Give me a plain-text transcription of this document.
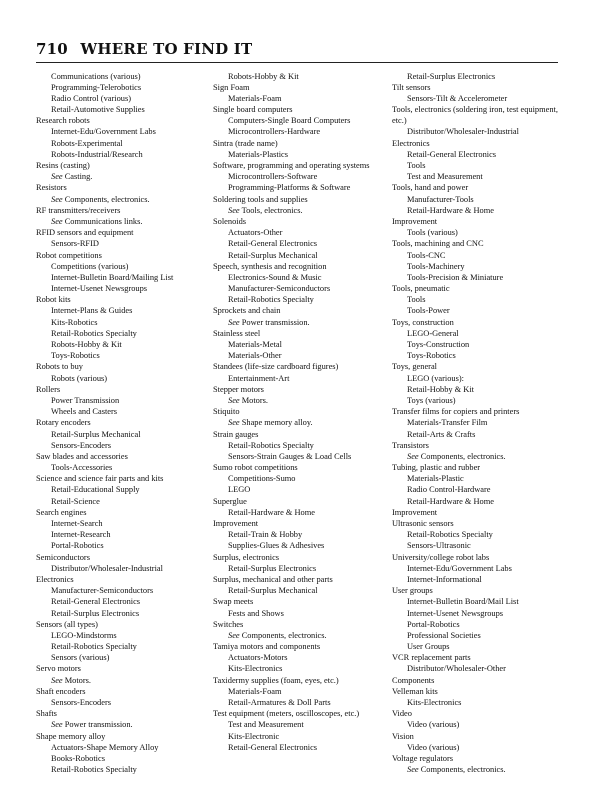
710 WHERE TO FIND IT
Communications (various)
Programming-Telerobotics
Radio Control (various)
Retail-Automotive Supplies
Research robots
Internet-Edu/Government Labs
Robots-Experimental
Robots-Industrial/Research
Resins (casting)
See Casting.
Resistors
See Components, electronics.
RF transmitters/receivers
See Communications links.
RFID sensors and equipment
Sensors-RFID
Robot competitions
Competitions (various)
Internet-Bulletin Board/Mailing List
Internet-Usenet Newsgroups
Robot kits
Internet-Plans & Guides
Kits-Robotics
Retail-Robotics Specialty
Robots-Hobby & Kit
Toys-Robotics
Robots to buy
Robots (various)
Rollers
Power Transmission
Wheels and Casters
Rotary encoders
Retail-Surplus Mechanical
Sensors-Encoders
Saw blades and accessories
Tools-Accessories
Science and science fair parts and kits
Retail-Educational Supply
Retail-Science
Search engines
Internet-Search
Internet-Research
Portal-Robotics
Semiconductors
Distributor/Wholesaler-Industrial
Electronics
Manufacturer-Semiconductors
Retail-General Electronics
Retail-Surplus Electronics
Sensors (all types)
LEGO-Mindstorms
Retail-Robotics Specialty
Sensors (various)
Servo motors
See Motors.
Shaft encoders
Sensors-Encoders
Shafts
See Power transmission.
Shape memory alloy
Actuators-Shape Memory Alloy
Books-Robotics
Retail-Robotics Specialty
Robots-Hobby & Kit
Sign Foam
Materials-Foam
Single board computers
Computers-Single Board Computers
Microcontrollers-Hardware
Sintra (trade name)
Materials-Plastics
Software, programming and operating systems
Microcontrollers-Software
Programming-Platforms & Software
Soldering tools and supplies
See Tools, electronics.
Solenoids
Actuators-Other
Retail-General Electronics
Retail-Surplus Mechanical
Speech, synthesis and recognition
Electronics-Sound & Music
Manufacturer-Semiconductors
Retail-Robotics Specialty
Sprockets and chain
See Power transmission.
Stainless steel
Materials-Metal
Materials-Other
Standees (life-size cardboard figures)
Entertainment-Art
Stepper motors
See Motors.
Stiquito
See Shape memory alloy.
Strain gauges
Retail-Robotics Specialty
Sensors-Strain Gauges & Load Cells
Sumo robot competitions
Competitions-Sumo
LEGO
Superglue
Retail-Hardware & Home
Improvement
Retail-Train & Hobby
Supplies-Glues & Adhesives
Surplus, electronics
Retail-Surplus Electronics
Surplus, mechanical and other parts
Retail-Surplus Mechanical
Swap meets
Fests and Shows
Switches
See Components, electronics.
Tamiya motors and components
Actuators-Motors
Kits-Electronics
Taxidermy supplies (foam, eyes, etc.)
Materials-Foam
Retail-Armatures & Doll Parts
Test equipment (meters, oscilloscopes, etc.)
Test and Measurement
Kits-Electronic
Retail-General Electronics
Retail-Surplus Electronics
Tilt sensors
Sensors-Tilt & Accelerometer
Tools, electronics (soldering iron, test equipment, etc.)
Distributor/Wholesaler-Industrial
Electronics
Retail-General Electronics
Tools
Test and Measurement
Tools, hand and power
Manufacturer-Tools
Retail-Hardware & Home
Improvement
Tools (various)
Tools, machining and CNC
Tools-CNC
Tools-Machinery
Tools-Precision & Miniature
Tools, pneumatic
Tools
Tools-Power
Toys, construction
LEGO-General
Toys-Construction
Toys-Robotics
Toys, general
LEGO (various):
Retail-Hobby & Kit
Toys (various)
Transfer films for copiers and printers
Materials-Transfer Film
Retail-Arts & Crafts
Transistors
See Components, electronics.
Tubing, plastic and rubber
Materials-Plastic
Radio Control-Hardware
Retail-Hardware & Home
Improvement
Ultrasonic sensors
Retail-Robotics Specialty
Sensors-Ultrasonic
University/college robot labs
Internet-Edu/Government Labs
Internet-Informational
User groups
Internet-Bulletin Board/Mail List
Internet-Usenet Newsgroups
Portal-Robotics
Professional Societies
User Groups
VCR replacement parts
Distributor/Wholesaler-Other
Components
Velleman kits
Kits-Electronics
Video
Video (various)
Vision
Video (various)
Voltage regulators
See Components, electronics.
